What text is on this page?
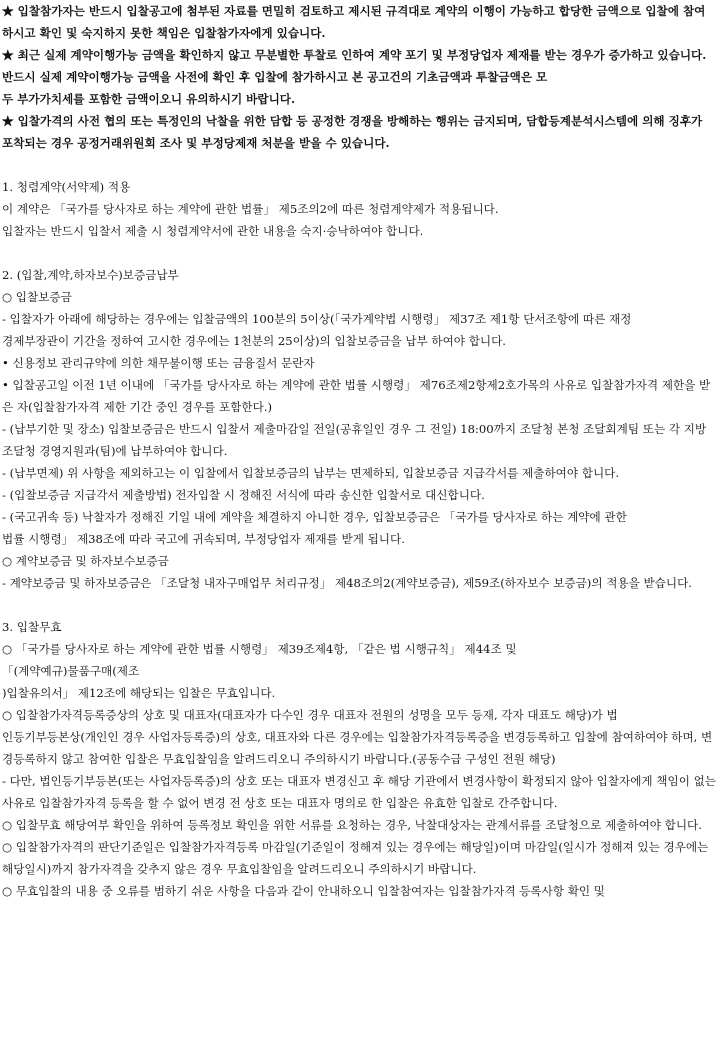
★ 입찰참가자는 반드시 입찰공고에 첨부된 자료를 면밀히 검토하고 제시된 규격대로 계약의 이행이 가능하고 합당한 금액으로 입찰에 참여하시고 확인 및 숙지하지 못한 책임은 입찰참가자에게 있습니다.
★ 최근 실제 계약이행가능 금액을 확인하지 않고 무분별한 투찰로 인하여 계약 포기 및 부정당업자 제재를 받는 경우가 증가하고 있습니다. 반드시 실제 계약이행가능 금액을 사전에 확인 후 입찰에 참가하시고 본 공고건의 기초금액과 투찰금액은 모
두 부가가치세를 포함한 금액이오니 유의하시기 바랍니다.
★ 입찰가격의 사전 협의 또는 특정인의 낙찰을 위한 담합 등 공정한 경쟁을 방해하는 행위는 금지되며, 담합등계분석시스템에 의해 징후가 포착되는 경우 공정거래위원회 조사 및 부정당제재 처분을 받을 수 있습니다.
1. 청렴계약(서약제) 적용
이 계약은 「국가를 당사자로 하는 계약에 관한 법률」 제5조의2에 따른 청렴계약제가 적용됩니다.
입찰자는 반드시 입찰서 제출 시 청렴계약서에 관한 내용을 숙지·승낙하여야 합니다.
2. (입찰,계약,하자보수)보증금납부
○ 입찰보증금
- 입찰자가 아래에 해당하는 경우에는 입찰금액의 100분의 5이상(「국가계약법 시행령」 제37조 제1항 단서조항에 따른 재정
경제부장관이 기간을 정하여 고시한 경우에는 1천분의 25이상)의 입찰보증금을 납부 하여야 합니다.
• 신용정보 관리규약에 의한 채무불이행 또는 금융질서 문란자
• 입찰공고일 이전 1년 이내에 「국가를 당사자로 하는 계약에 관한 법률 시행령」 제76조제2항제2호가목의 사유로 입찰참가자격 제한을 받은 자(입찰참가자격 제한 기간 중인 경우를 포함한다.)
- (납부기한 및 장소) 입찰보증금은 반드시 입찰서 제출마감일 전일(공휴일인 경우 그 전일) 18:00까지 조달청 본청 조달회계팀 또는 각 지방조달청 경영지원과(팀)에 납부하여야 합니다.
- (납부면제) 위 사항을 제외하고는 이 입찰에서 입찰보증금의 납부는 면제하되, 입찰보증금 지급각서를 제출하여야 합니다.
- (입찰보증금 지급각서 제출방법) 전자입찰 시 정해진 서식에 따라 송신한 입찰서로 대신합니다.
- (국고귀속 등) 낙찰자가 정해진 기일 내에 계약을 체결하지 아니한 경우, 입찰보증금은 「국가를 당사자로 하는 계약에 관한
법률 시행령」 제38조에 따라 국고에 귀속되며, 부정당업자 제재를 받게 됩니다.
○ 계약보증금 및 하자보수보증금
- 계약보증금 및 하자보증금은 「조달청 내자구매업무 처리규정」 제48조의2(계약보증금), 제59조(하자보수 보증금)의 적용을 받습니다.
3. 입찰무효
○ 「국가를 당사자로 하는 계약에 관한 법률 시행령」 제39조제4항, 「같은 법 시행규칙」 제44조 및
「(계약예규)물품구매(제조
)입찰유의서」 제12조에 해당되는 입찰은 무효입니다.
○ 입찰참가자격등록증상의 상호 및 대표자(대표자가 다수인 경우 대표자 전원의 성명을 모두 등재, 각자 대표도 해당)가 법
인등기부등본상(개인인 경우 사업자등록증)의 상호, 대표자와 다른 경우에는 입찰참가자격등록증을 변경등록하고 입찰에 참여하여야 하며, 변경등록하지 않고 참여한 입찰은 무효입찰임을 알려드리오니 주의하시기 바랍니다.(공동수급 구성인 전원 해당)
- 다만, 법인등기부등본(또는 사업자등록증)의 상호 또는 대표자 변경신고 후 해당 기관에서 변경사항이 확정되지 않아 입찰자에게 책임이 없는 사유로 입찰참가자격 등록을 할 수 없어 변경 전 상호 또는 대표자 명의로 한 입찰은 유효한 입찰로 간주합니다.
○ 입찰무효 해당여부 확인을 위하여 등록정보 확인을 위한 서류를 요청하는 경우, 낙찰대상자는 관계서류를 조달청으로 제출하여야 합니다.
○ 입찰참가자격의 판단기준일은 입찰참가자격등록 마감일(기준일이 정해져 있는 경우에는 해당일)이며 마감일(일시가 정해져 있는 경우에는 해당일시)까지 참가자격을 갖추지 않은 경우 무효입찰임을 알려드리오니 주의하시기 바랍니다.
○ 무효입찰의 내용 중 오류를 범하기 쉬운 사항을 다음과 같이 안내하오니 입찰참여자는 입찰참가자격 등록사항 확인 및
